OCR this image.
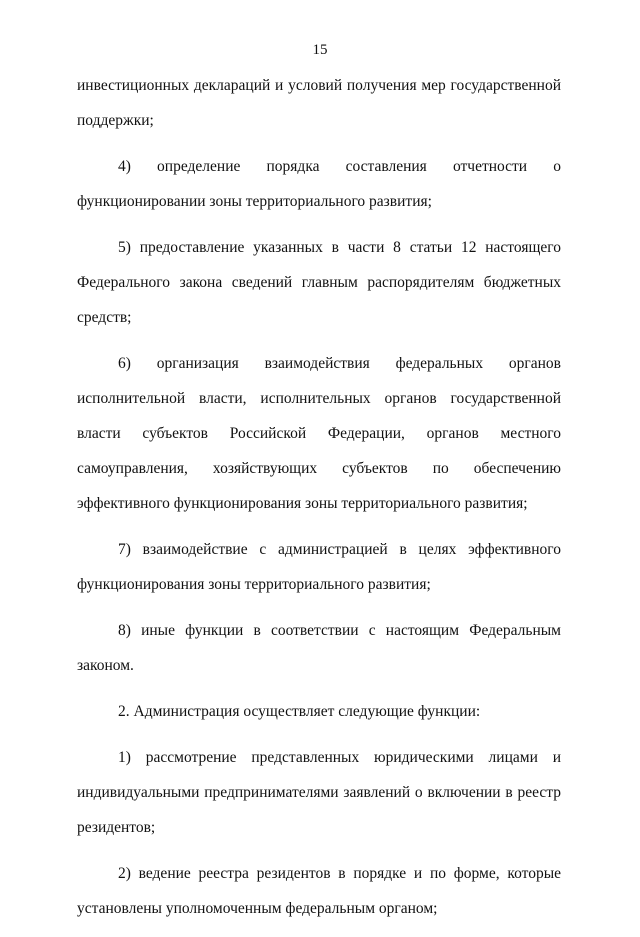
15

инвестиционных деклараций и условий получения мер государственной поддержки;

4) определение порядка составления отчетности о функционировании зоны территориального развития;

5) предоставление указанных в части 8 статьи 12 настоящего Федерального закона сведений главным распорядителям бюджетных средств;

6) организация взаимодействия федеральных органов исполнительной власти, исполнительных органов государственной власти субъектов Российской Федерации, органов местного самоуправления, хозяйствующих субъектов по обеспечению эффективного функционирования зоны территориального развития;

7) взаимодействие с администрацией в целях эффективного функционирования зоны территориального развития;

8) иные функции в соответствии с настоящим Федеральным законом.

2. Администрация осуществляет следующие функции:

1) рассмотрение представленных юридическими лицами и индивидуальными предпринимателями заявлений о включении в реестр резидентов;

2) ведение реестра резидентов в порядке и по форме, которые установлены уполномоченным федеральным органом;
